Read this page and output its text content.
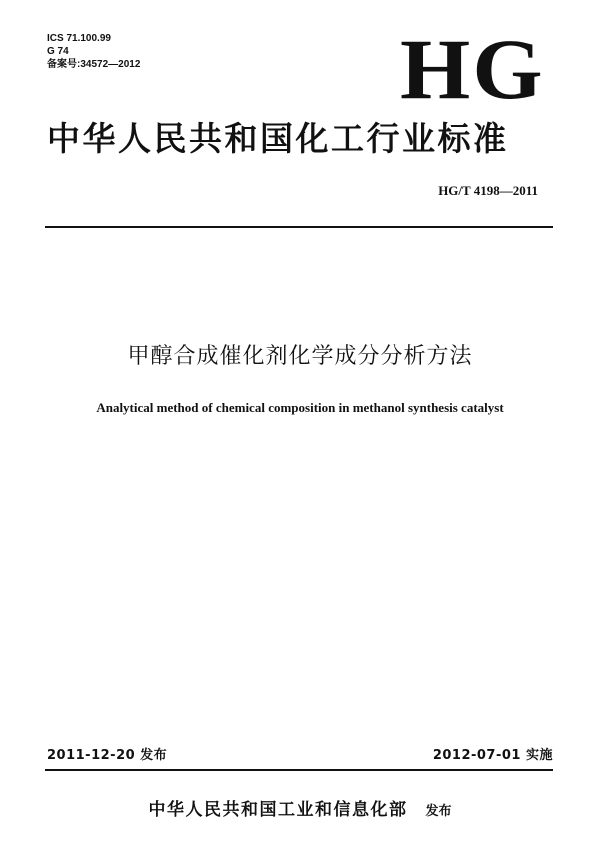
ICS 71.100.99
G 74
备案号:34572—2012	HG
中华人民共和国化工行业标准
HG/T 4198—2011
甲醇合成催化剂化学成分分析方法
Analytical method of chemical composition in methanol synthesis catalyst
2011-12-20 发布	2012-07-01 实施
中华人民共和国工业和信息化部 发布
